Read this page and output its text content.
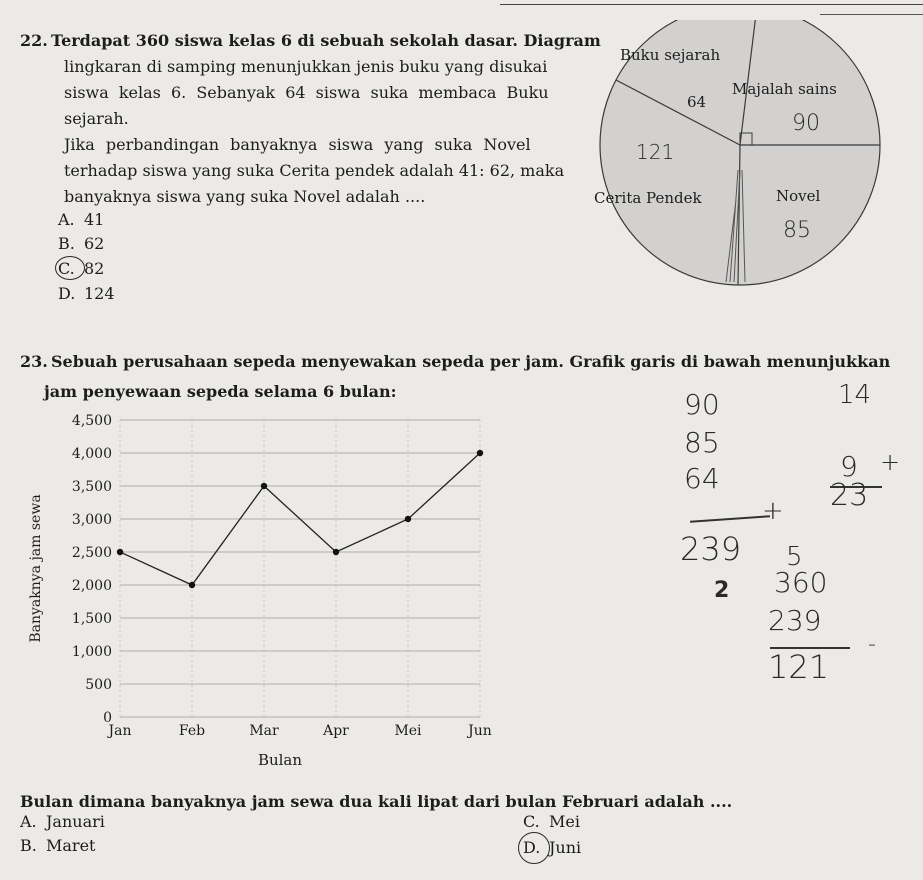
22. Terdapat 360 siswa kelas 6 di sebuah sekolah dasar. Diagram
lingkaran di samping menunjukkan jenis buku yang disukai
siswa kelas 6. Sebanyak 64 siswa suka membaca Buku
sejarah.
Jika perbandingan banyaknya siswa yang suka Novel
terhadap siswa yang suka Cerita pendek adalah 41: 62, maka
banyaknya siswa yang suka Novel adalah ....
A. 41
B. 62
C. 82
D. 124
Buku sejarah
64
Majalah sains
Cerita Pendek	Novel
90
121
85
23. Sebuah perusahaan sepeda menyewakan sepeda per jam. Grafik garis di bawah menunjukkan
jam penyewaan sepeda selama 6 bulan:
0
500
1,000
1,500
2,000
2,500
3,000
3,500
4,000
4,500
Jan	Feb	Mar	Apr	Mei	Jun
Banyaknya jam sewa
Bulan
90
85
64
+
239
2
14
9 +
23
5
360
239
121
-
Bulan dimana banyaknya jam sewa dua kali lipat dari bulan Februari adalah ....
A. Januari
B. Maret
C. Mei
D. Juni
